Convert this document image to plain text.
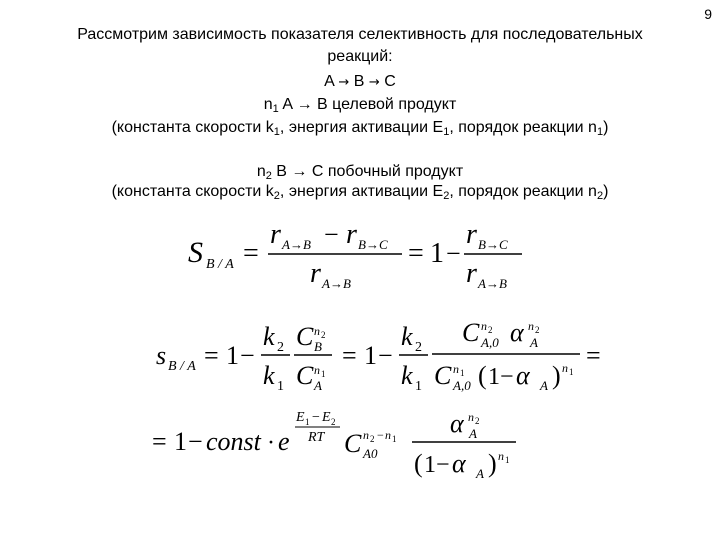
9
Рассмотрим зависимость показателя селективность для последовательных
реакций:
A → B → C
$n_1$ A → B целевой продукт
(константа скорости $k_1$, энергия активации $E_1$, порядок реакции $n_1$)
$n_2$ B → C побочный продукт
(константа скорости $k_2$, энергия активации $E_2$, порядок реакции $n_2$)
S B / A =
r A→B − r B→C
r A→B
= 1 −
r B→C
r A→B
s B / A = 1 −
k 2
k 1
C n 2
B
C n 1
A
= 1 −
k 2
k 1
C n 2
A,0 α n 2
A
C n 1
A,0 ( 1 − α A ) n 1
=
= 1 − const · e
E 1 − E 2
RT C n 2 − n 1
A0
α n 2
A
( 1 − α A ) n 1
